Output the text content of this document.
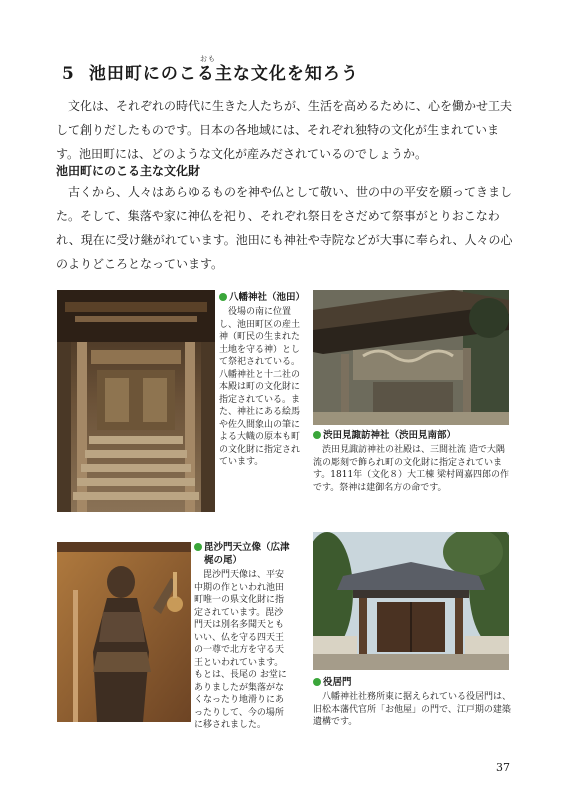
5 池田町にのこる主な文化を知ろう
おも

文化は、それぞれの時代に生きた人たちが、生活を高めるために、心を働かせ工夫して創りだしたものです。日本の各地域には、それぞれ独特の文化が生まれています。池田町には、どのような文化が産みだされているのでしょうか。

池田町にのこる主な文化財

古くから、人々はあらゆるものを神や仏として敬い、世の中の平安を願ってきました。そして、集落や家に神仏を祀り、それぞれ祭日をさだめて祭事がとりおこなわれ、現在に受け継がれています。池田にも神社や寺院などが大事に奉られ、人々の心のよりどころとなっています。

八幡神社（池田）

役場の南に位置し、池田町区の産土神（町民の生まれた土地を守る神）として祭祀されている。八幡神社と十二社の本殿は町の文化財に指定されている。また、神社にある絵馬や佐久間象山の筆による大幟の原本も町の文化財に指定されています。

渋田見諏訪神社（渋田見南部）

渋田見諏訪神社の社殿は、三間社流 造で大隅流の彫刻で飾られ町の文化財に指定されています。1811年（文化８）大工棟 梁村岡嘉四郎の作です。祭神は建御名方の命です。

毘沙門天立像（広津梶の尾）

毘沙門天像は、平安中期の作といわれ池田町唯一の県文化財に指定されています。毘沙門天は別名多聞天ともいい、仏を守る四天王の一尊で北方を守る天王といわれています。もとは、長尾の お堂にありましたが集落がなくなったり地滑りにあったりして、今の場所に移されました。

役居門

八幡神社社務所東に据えられている役居門は、旧松本藩代官所「お他屋」の門で、江戸期の建築遺構です。

37
